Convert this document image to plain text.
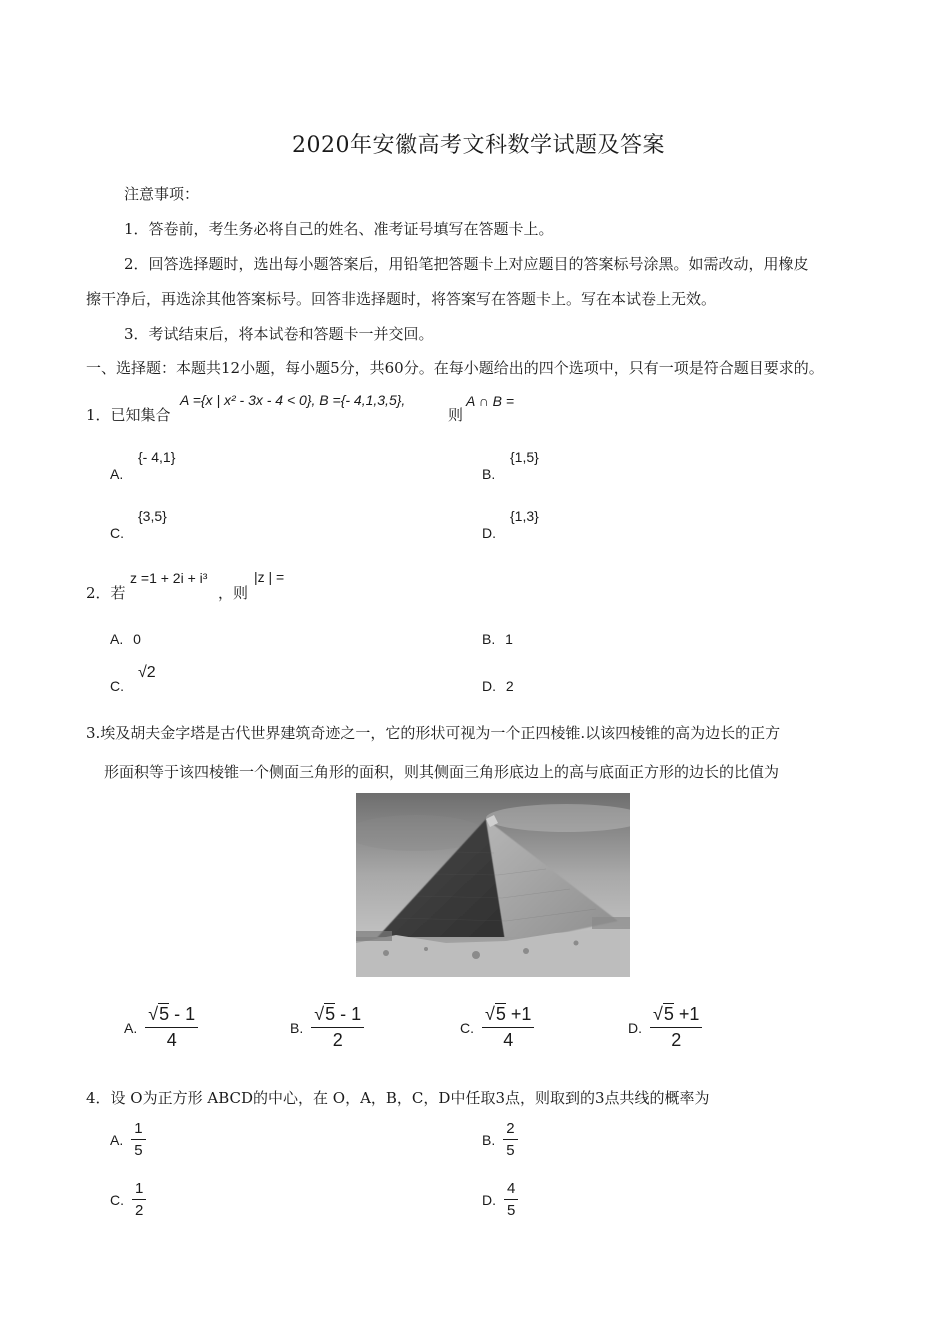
2020年安徽高考文科数学试题及答案
注意事项：
1．答卷前，考生务必将自己的姓名、准考证号填写在答题卡上。
2．回答选择题时，选出每小题答案后，用铅笔把答题卡上对应题目的答案标号涂黑。如需改动，用橡皮
擦干净后，再选涂其他答案标号。回答非选择题时，将答案写在答题卡上。写在本试卷上无效。
3．考试结束后，将本试卷和答题卡一并交回。
一、选择题：本题共12小题，每小题5分，共60分。在每小题给出的四个选项中，只有一项是符合题目要求的。
1．已知集合
A ={x | x² - 3x - 4 < 0}, B ={- 4,1,3,5},
则
A ∩ B =
A.
{- 4,1}
B.
{1,5}
C.
{3,5}
D.
{1,3}
2．若
z =1 + 2i + i³
，则
|z | =
A. 0	B. 1
C.
√2
D. 2
3.埃及胡夫金字塔是古代世界建筑奇迹之一，它的形状可视为一个正四棱锥.以该四棱锥的高为边长的正方
形面积等于该四棱锥一个侧面三角形的面积，则其侧面三角形底边上的高与底面正方形的边长的比值为
A. $\frac{√5 - 1}{4}$	B. $\frac{√5 - 1}{2}$	C. $\frac{√5 +1}{4}$	D. $\frac{√5 +1}{2}$
4．设 O为正方形 ABCD的中心，在 O，A，B，C，D中任取3点，则取到的3点共线的概率为
A. $\frac{1}{5}$	B. $\frac{2}{5}$
C. $\frac{1}{2}$	D. $\frac{4}{5}$
